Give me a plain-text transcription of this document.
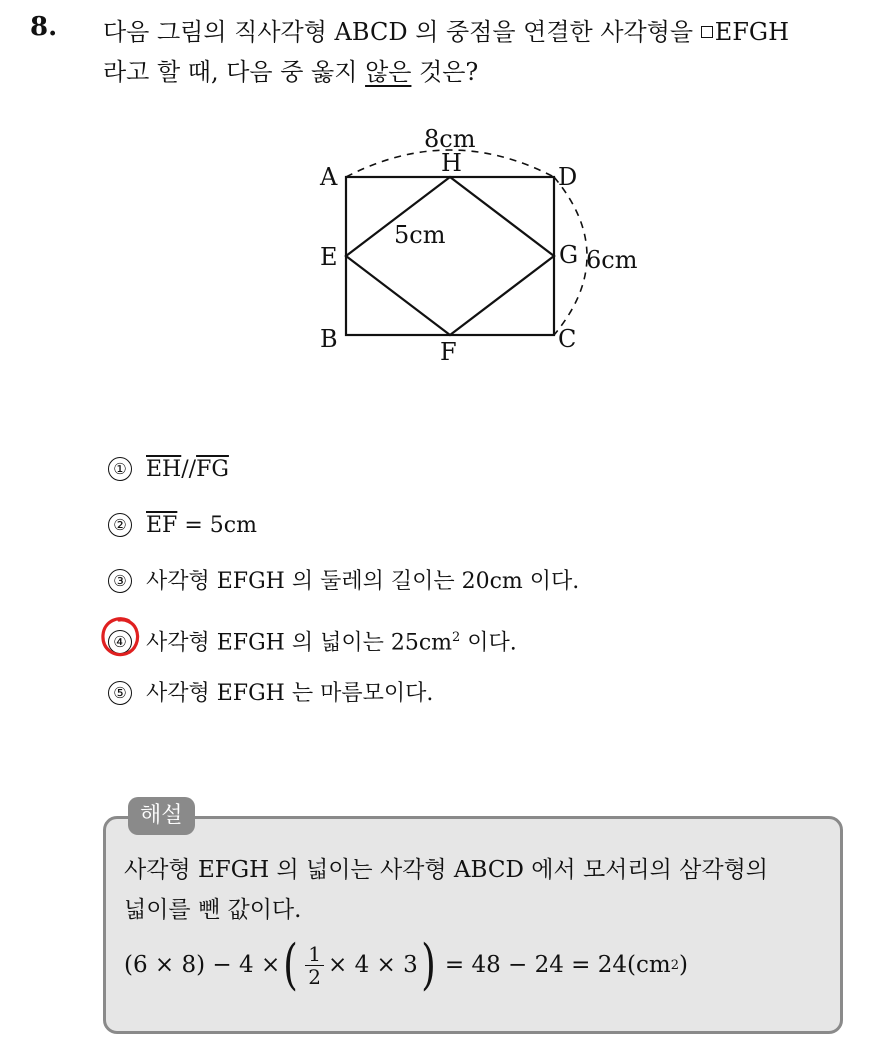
8. 다음 그림의 직사각형 ABCD 의 중점을 연결한 사각형을 EFGH
라고 할 때, 다음 중 옳지 않은 것은?
A
B	C
D
E
F
G
H
8cm
6cm
5cm
① $\overline{EH}//\overline{FG}$
② $\overline{EF} = 5cm$
③ 사각형 EFGH 의 둘레의 길이는 20cm 이다.
④ 사각형 EFGH 의 넓이는 $25cm^2$ 이다.
⑤ 사각형 EFGH 는 마름모이다.
해설
사각형 EFGH 의 넓이는 사각형 ABCD 에서 모서리의 삼각형의
넓이를 뺀 값이다.
(6 × 8) − 4 × ( $\frac{1}{2} \times 4 \times 3$ ) = 48 − 24 = 24(cm 2 )
